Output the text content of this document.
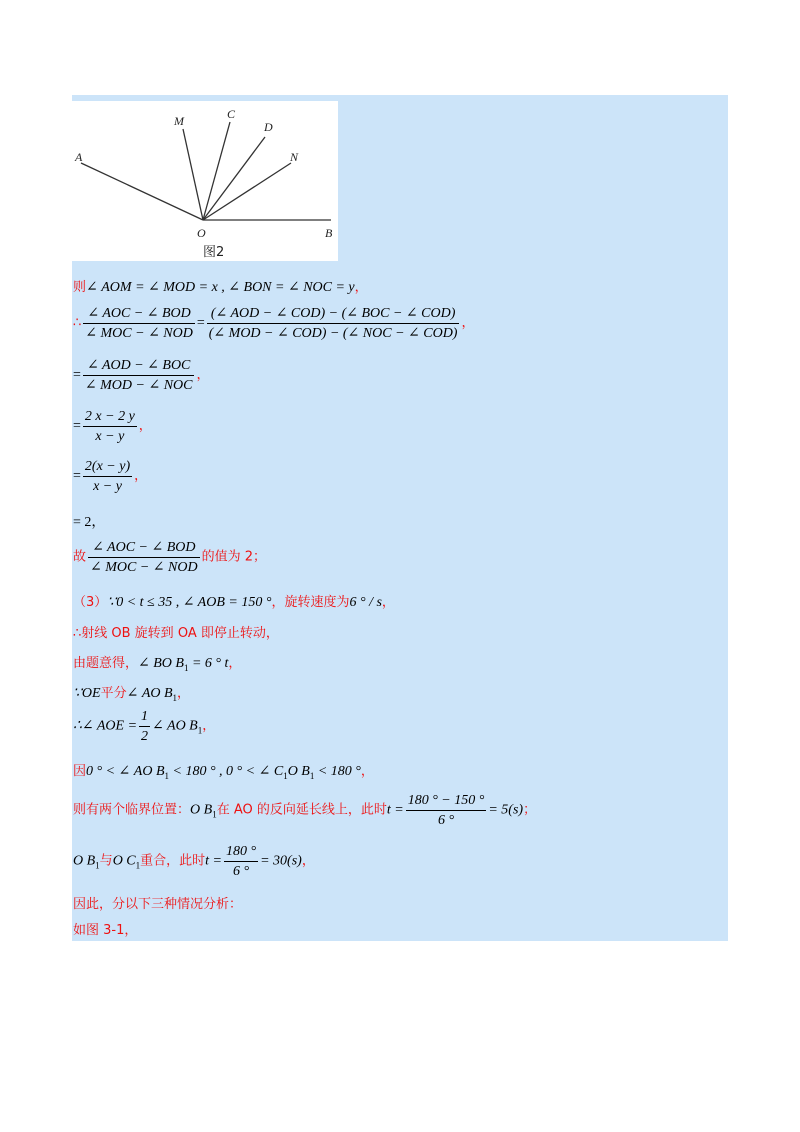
A
M	C
D
N
O	B
图2
则∠ AOM = ∠ MOD = x , ∠ BON = ∠ NOC = y，
∴ $\frac{\text{∠ AOC − ∠ BOD}}{\text{∠ MOC − ∠ NOD}} = \frac{\text{(∠ AOD − ∠ COD) − (∠ BOC − ∠ COD)}}{\text{(∠ MOD − ∠ COD) − (∠ NOC − ∠ COD)}}$ ，
= $\frac{\text{∠ AOD − ∠ BOC}}{\text{∠ MOD − ∠ NOC}}$ ，
= $\frac{2 x - 2 y}{x - y}$ ，
= $\frac{2(x - y)}{x - y}$ ，
= 2，
故 $\frac{\text{∠ AOC − ∠ BOD}}{\text{∠ MOC − ∠ NOD}}$ 的值为 2；
（3）∵0 < t ≤ 35 , ∠ AOB = 150 °，旋转速度为6 ° / s，
∴射线 OB 旋转到 OA 即停止转动，
由题意得，∠ BO $B_1 = 6$ ° t，
∵OE平分∠ AO $B_1$，
∴∠ AOE = $\frac{1}{2}$ ∠ AO $B_1$，
因0 ° < ∠ AO $B_1 < 180$ ° , 0 ° < ∠ $C_1O$ $B_1 < 180$ °，
则有两个临界位置：O $B_1$在 AO 的反向延长线上，此时$t = \frac{180 ^\circ - 150 ^\circ}{6 ^\circ} = 5(s)$；
O $B_1$与O $C_1$重合，此时$t = \frac{180 ^\circ}{6 ^\circ} = 30(s)$，
因此，分以下三种情况分析：
如图 3-1，
